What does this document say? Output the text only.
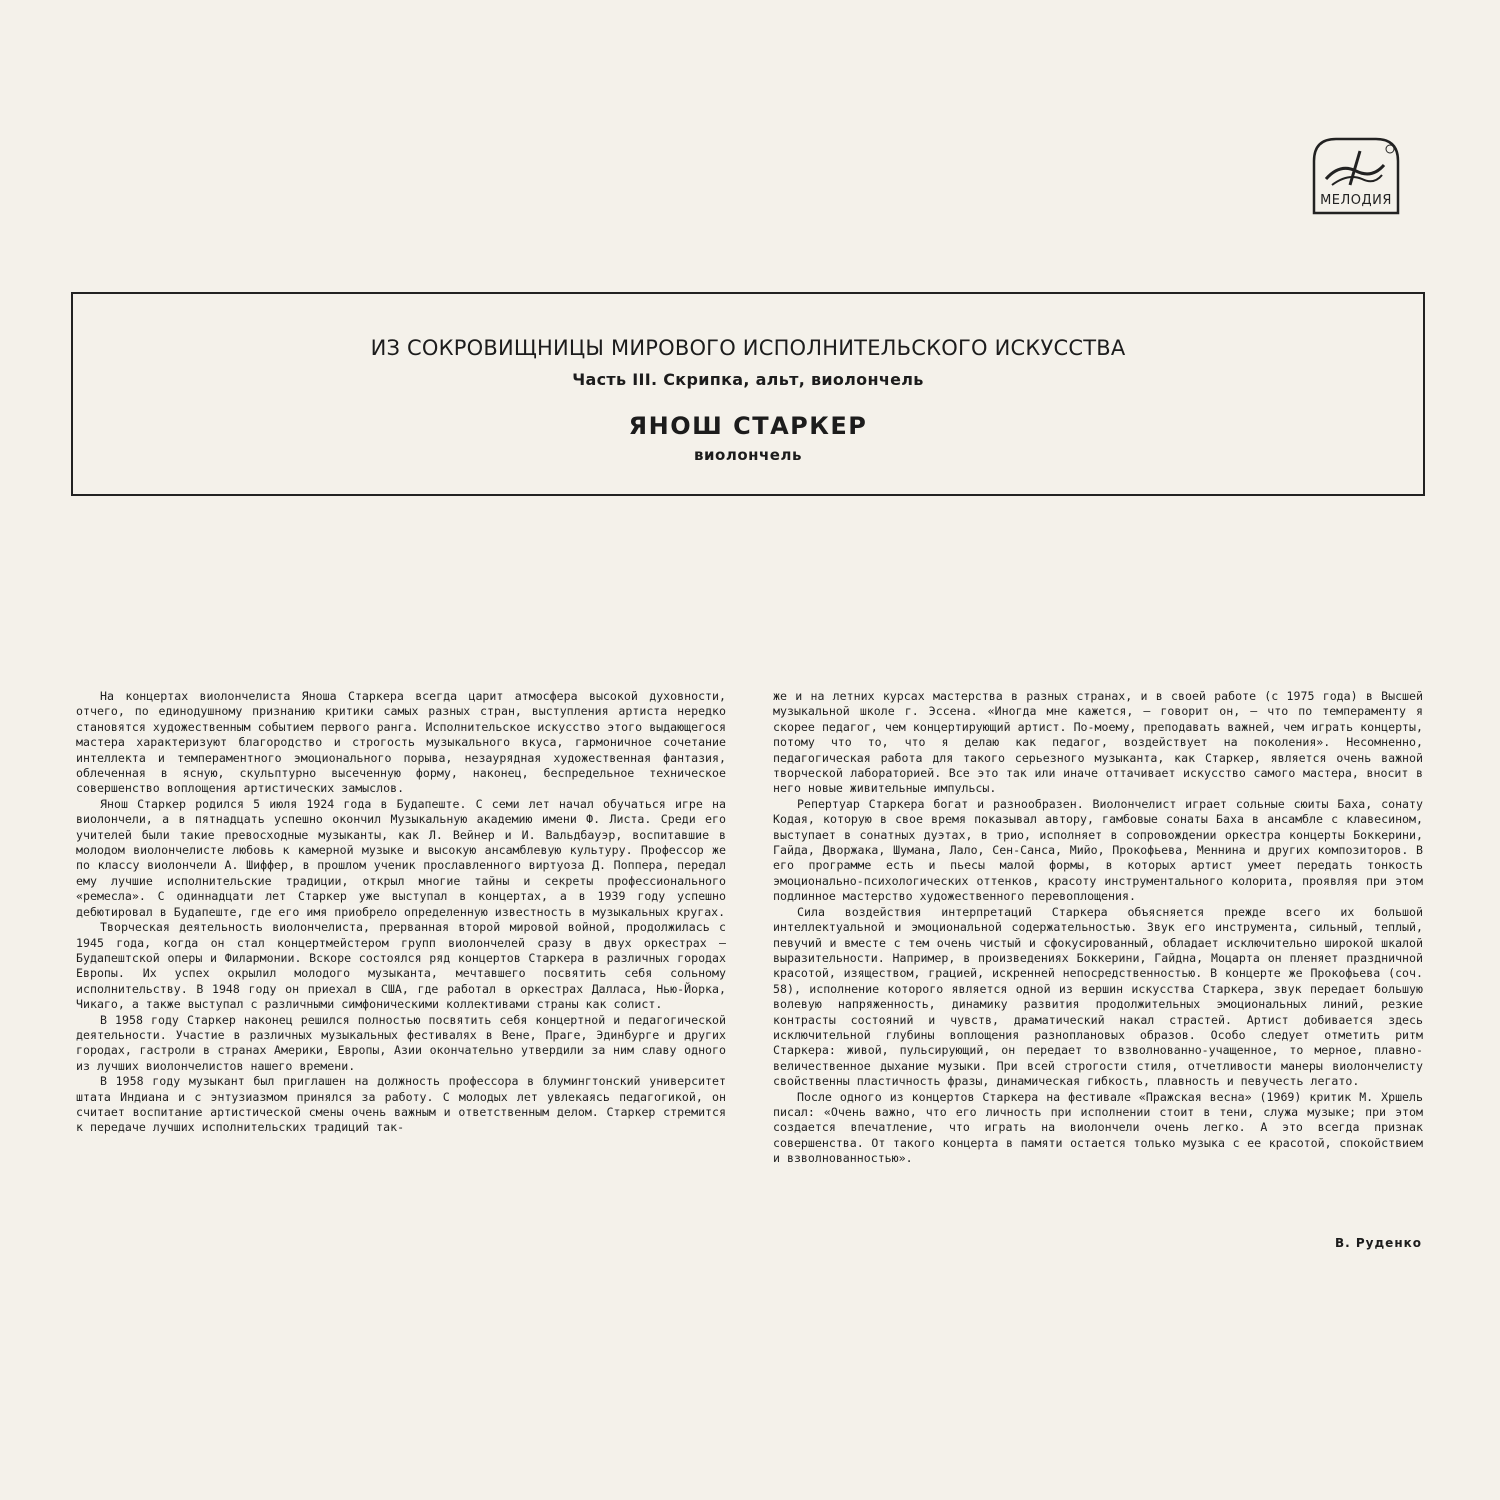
МЕЛОДИЯ
ИЗ СОКРОВИЩНИЦЫ МИРОВОГО ИСПОЛНИТЕЛЬСКОГО ИСКУССТВА
Часть III. Скрипка, альт, виолончель
ЯНОШ СТАРКЕР
виолончель

На концертах виолончелиста Яноша Старкера всегда царит атмосфера высокой духовности, отчего, по единодушному признанию критики самых разных стран, выступления артиста нередко становятся художественным событием первого ранга. Исполнительское искусство этого выдающегося мастера характеризуют благородство и строгость музыкального вкуса, гармоничное сочетание интеллекта и темпераментного эмоционального порыва, незаурядная художественная фантазия, облеченная в ясную, скульптурно высеченную форму, наконец, беспредельное техническое совершенство воплощения артистических замыслов.

Янош Старкер родился 5 июля 1924 года в Будапеште. С семи лет начал обучаться игре на виолончели, а в пятнадцать успешно окончил Музыкальную академию имени Ф. Листа. Среди его учителей были такие превосходные музыканты, как Л. Вейнер и И. Вальдбауэр, воспитавшие в молодом виолончелисте любовь к камерной музыке и высокую ансамблевую культуру. Профессор же по классу виолончели А. Шиффер, в прошлом ученик прославленного виртуоза Д. Поппера, передал ему лучшие исполнительские традиции, открыл многие тайны и секреты профессионального «ремесла». С одиннадцати лет Старкер уже выступал в концертах, а в 1939 году успешно дебютировал в Будапеште, где его имя приобрело определенную известность в музыкальных кругах.

Творческая деятельность виолончелиста, прерванная второй мировой войной, продолжилась с 1945 года, когда он стал концертмейстером групп виолончелей сразу в двух оркестрах — Будапештской оперы и Филармонии. Вскоре состоялся ряд концертов Старкера в различных городах Европы. Их успех окрылил молодого музыканта, мечтавшего посвятить себя сольному исполнительству. В 1948 году он приехал в США, где работал в оркестрах Далласа, Нью-Йорка, Чикаго, а также выступал с различными симфоническими коллективами страны как солист.

В 1958 году Старкер наконец решился полностью посвятить себя концертной и педагогической деятельности. Участие в различных музыкальных фестивалях в Вене, Праге, Эдинбурге и других городах, гастроли в странах Америки, Европы, Азии окончательно утвердили за ним славу одного из лучших виолончелистов нашего времени.

В 1958 году музыкант был приглашен на должность профессора в блумингтонский университет штата Индиана и с энтузиазмом принялся за работу. С молодых лет увлекаясь педагогикой, он считает воспитание артистической смены очень важным и ответственным делом. Старкер стремится к передаче лучших исполнительских традиций так-

же и на летних курсах мастерства в разных странах, и в своей работе (с 1975 года) в Высшей музыкальной школе г. Эссена. «Иногда мне кажется, — говорит он, — что по темпераменту я скорее педагог, чем концертирующий артист. По-моему, преподавать важней, чем играть концерты, потому что то, что я делаю как педагог, воздействует на поколения». Несомненно, педагогическая работа для такого серьезного музыканта, как Старкер, является очень важной творческой лабораторией. Все это так или иначе оттачивает искусство самого мастера, вносит в него новые живительные импульсы.

Репертуар Старкера богат и разнообразен. Виолончелист играет сольные сюиты Баха, сонату Кодая, которую в свое время показывал автору, гамбовые сонаты Баха в ансамбле с клавесином, выступает в сонатных дуэтах, в трио, исполняет в сопровождении оркестра концерты Боккерини, Гайда, Дворжака, Шумана, Лало, Сен-Санса, Мийо, Прокофьева, Меннина и других композиторов. В его программе есть и пьесы малой формы, в которых артист умеет передать тонкость эмоционально-психологических оттенков, красоту инструментального колорита, проявляя при этом подлинное мастерство художественного перевоплощения.

Сила воздействия интерпретаций Старкера объясняется прежде всего их большой интеллектуальной и эмоциональной содержательностью. Звук его инструмента, сильный, теплый, певучий и вместе с тем очень чистый и сфокусированный, обладает исключительно широкой шкалой выразительности. Например, в произведениях Боккерини, Гайдна, Моцарта он пленяет праздничной красотой, изяществом, грацией, искренней непосредственностью. В концерте же Прокофьева (соч. 58), исполнение которого является одной из вершин искусства Старкера, звук передает большую волевую напряженность, динамику развития продолжительных эмоциональных линий, резкие контрасты состояний и чувств, драматический накал страстей. Артист добивается здесь исключительной глубины воплощения разноплановых образов. Особо следует отметить ритм Старкера: живой, пульсирующий, он передает то взволнованно-учащенное, то мерное, плавно-величественное дыхание музыки. При всей строгости стиля, отчетливости манеры виолончелисту свойственны пластичность фразы, динамическая гибкость, плавность и певучесть легато.

После одного из концертов Старкера на фестивале «Пражская весна» (1969) критик М. Хршель писал: «Очень важно, что его личность при исполнении стоит в тени, служа музыке; при этом создается впечатление, что играть на виолончели очень легко. А это всегда признак совершенства. От такого концерта в памяти остается только музыка с ее красотой, спокойствием и взволнованностью».

В. Руденко
